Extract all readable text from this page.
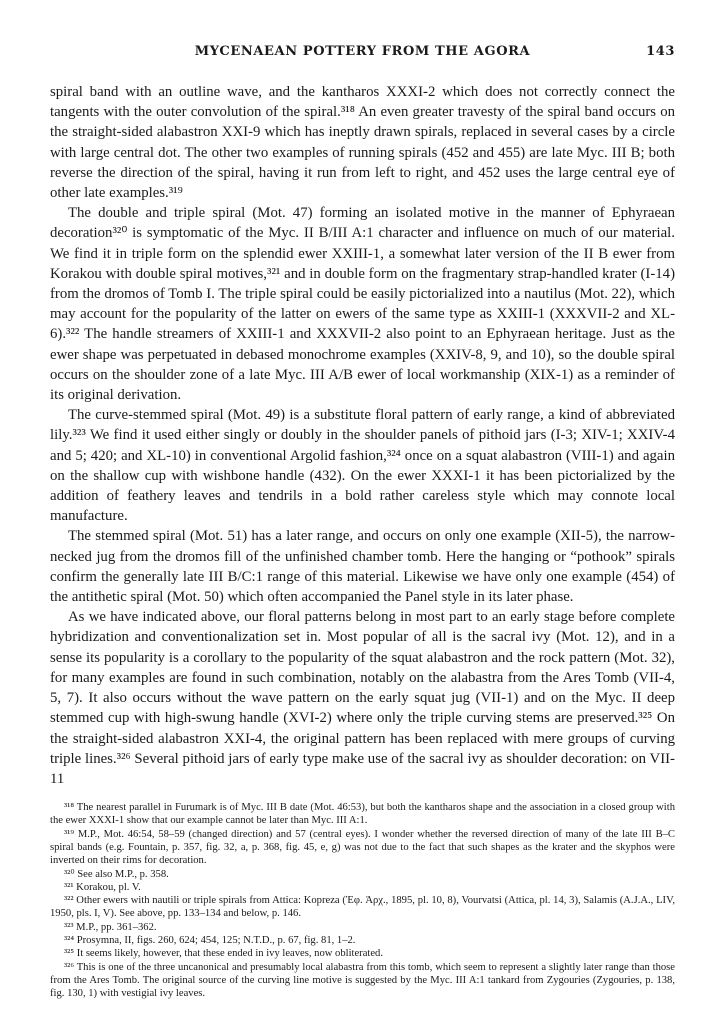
MYCENAEAN POTTERY FROM THE AGORA	143

spiral band with an outline wave, and the kantharos XXXI-2 which does not correctly connect the tangents with the outer convolution of the spiral.³¹⁸ An even greater travesty of the spiral band occurs on the straight-sided alabastron XXI-9 which has ineptly drawn spirals, replaced in several cases by a circle with large central dot. The other two examples of running spirals (452 and 455) are late Myc. III B; both reverse the direction of the spiral, having it run from left to right, and 452 uses the large central eye of other late examples.³¹⁹

The double and triple spiral (Mot. 47) forming an isolated motive in the manner of Ephyraean decoration³²⁰ is symptomatic of the Myc. II B/III A:1 character and influence on much of our material. We find it in triple form on the splendid ewer XXIII-1, a somewhat later version of the II B ewer from Korakou with double spiral motives,³²¹ and in double form on the fragmentary strap-handled krater (I-14) from the dromos of Tomb I. The triple spiral could be easily pictorialized into a nautilus (Mot. 22), which may account for the popularity of the latter on ewers of the same type as XXIII-1 (XXXVII-2 and XL-6).³²² The handle streamers of XXIII-1 and XXXVII-2 also point to an Ephyraean heritage. Just as the ewer shape was perpetuated in debased monochrome examples (XXIV-8, 9, and 10), so the double spiral occurs on the shoulder zone of a late Myc. III A/B ewer of local workmanship (XIX-1) as a reminder of its original derivation.

The curve-stemmed spiral (Mot. 49) is a substitute floral pattern of early range, a kind of abbreviated lily.³²³ We find it used either singly or doubly in the shoulder panels of pithoid jars (I-3; XIV-1; XXIV-4 and 5; 420; and XL-10) in conventional Argolid fashion,³²⁴ once on a squat alabastron (VIII-1) and again on the shallow cup with wishbone handle (432). On the ewer XXXI-1 it has been pictorialized by the addition of feathery leaves and tendrils in a bold rather careless style which may connote local manufacture.

The stemmed spiral (Mot. 51) has a later range, and occurs on only one example (XII-5), the narrow-necked jug from the dromos fill of the unfinished chamber tomb. Here the hanging or “pothook” spirals confirm the generally late III B/C:1 range of this material. Likewise we have only one example (454) of the antithetic spiral (Mot. 50) which often accompanied the Panel style in its later phase.

As we have indicated above, our floral patterns belong in most part to an early stage before complete hybridization and conventionalization set in. Most popular of all is the sacral ivy (Mot. 12), and in a sense its popularity is a corollary to the popularity of the squat alabastron and the rock pattern (Mot. 32), for many examples are found in such combination, notably on the alabastra from the Ares Tomb (VII-4, 5, 7). It also occurs without the wave pattern on the early squat jug (VII-1) and on the Myc. II deep stemmed cup with high-swung handle (XVI-2) where only the triple curving stems are preserved.³²⁵ On the straight-sided alabastron XXI-4, the original pattern has been replaced with mere groups of curving triple lines.³²⁶ Several pithoid jars of early type make use of the sacral ivy as shoulder decoration: on VII-11

³¹⁸ The nearest parallel in Furumark is of Myc. III B date (Mot. 46:53), but both the kantharos shape and the association in a closed group with the ewer XXXI-1 show that our example cannot be later than Myc. III A:1.

³¹⁹ M.P., Mot. 46:54, 58–59 (changed direction) and 57 (central eyes). I wonder whether the reversed direction of many of the late III B–C spiral bands (e.g. Fountain, p. 357, fig. 32, a, p. 368, fig. 45, e, g) was not due to the fact that such shapes as the krater and the skyphos were inverted on their rims for decoration.

³²⁰ See also M.P., p. 358.

³²¹ Korakou, pl. V.

³²² Other ewers with nautili or triple spirals from Attica: Kopreza (Ἐφ. Ἀρχ., 1895, pl. 10, 8), Vourvatsi (Attica, pl. 14, 3), Salamis (A.J.A., LIV, 1950, pls. I, V). See above, pp. 133–134 and below, p. 146.

³²³ M.P., pp. 361–362.

³²⁴ Prosymna, II, figs. 260, 624; 454, 125; N.T.D., p. 67, fig. 81, 1–2.

³²⁵ It seems likely, however, that these ended in ivy leaves, now obliterated.

³²⁶ This is one of the three uncanonical and presumably local alabastra from this tomb, which seem to represent a slightly later range than those from the Ares Tomb. The original source of the curving line motive is suggested by the Myc. III A:1 tankard from Zygouries (Zygouries, p. 138, fig. 130, 1) with vestigial ivy leaves.
